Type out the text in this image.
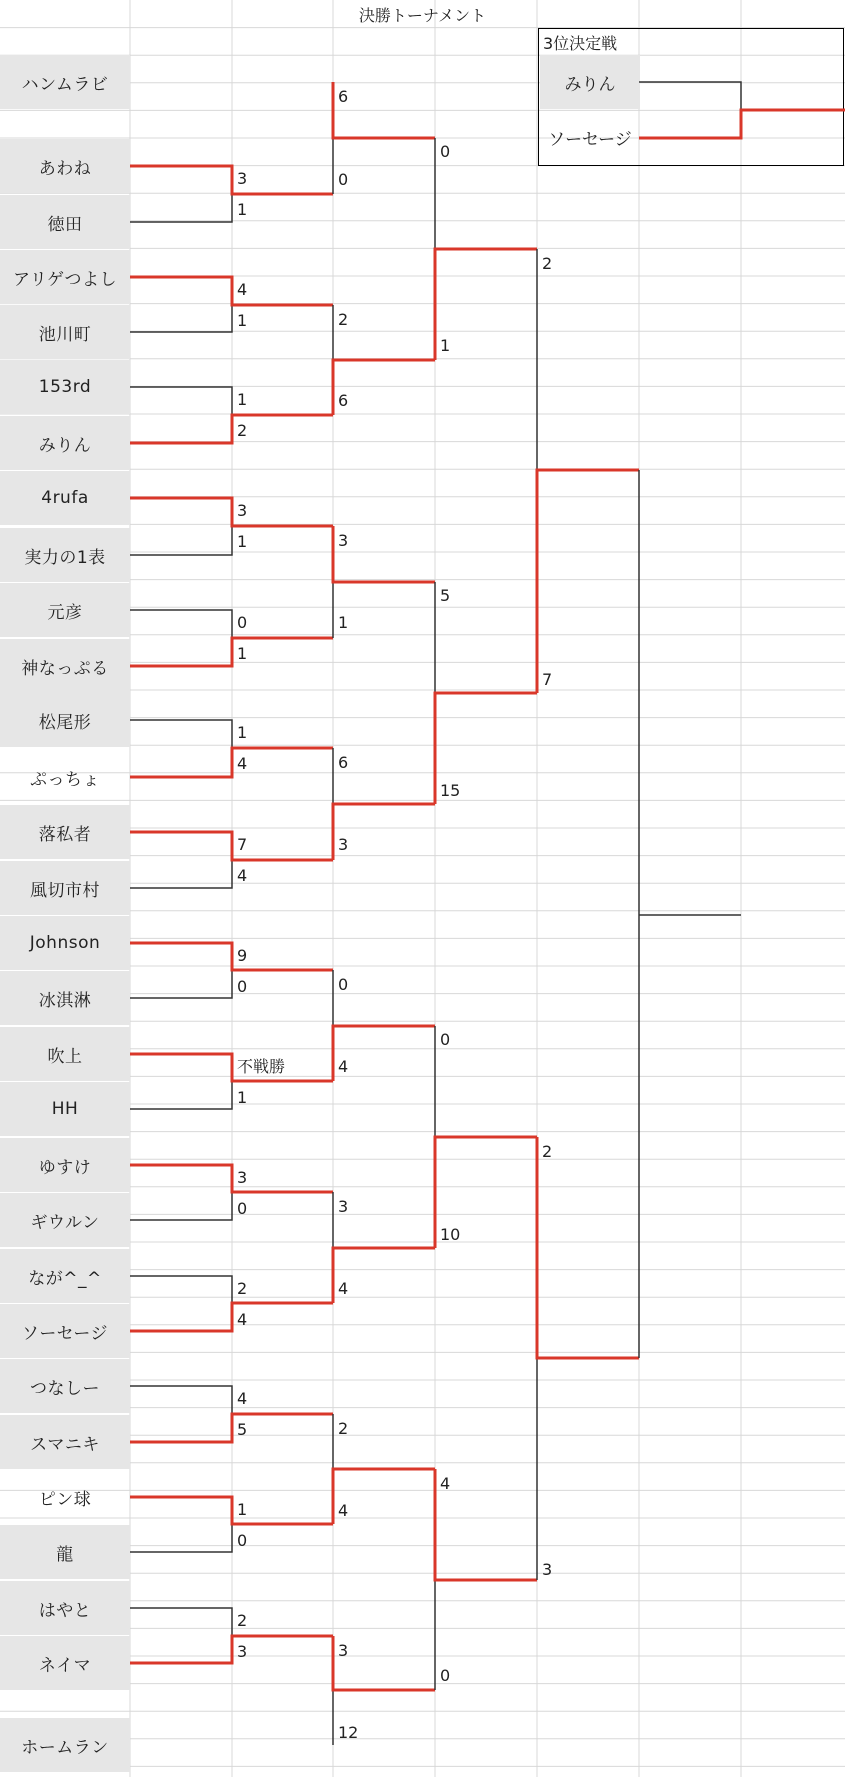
決勝トーナメント
ハンムラビ
あわね
徳田
アリゲつよし
池川町
153rd
みりん
4rufa
実力の1表
元彦
神なっぷる
松尾形
ぷっちょ
落私者
風切市村
Johnson
冰淇淋
吹上
HH
ゆすけ
ギウルン
なが^_^
ソーセージ
つなしー
スマニキ
ピン球
龍
はやと
ネイマ
ホームラン
3位決定戦
みりん
ソーセージ
3
1
4
1
1
2
3
1
0
1
1
4
7
4
9
0
不戦勝
1
3
0
2
4
4
5
1
0
2
3
6
0
2
6
3
1
6
3
0
4
3
4
2
4
3
12
0
1
5
15
0
10
4
0
2
7
2
3
